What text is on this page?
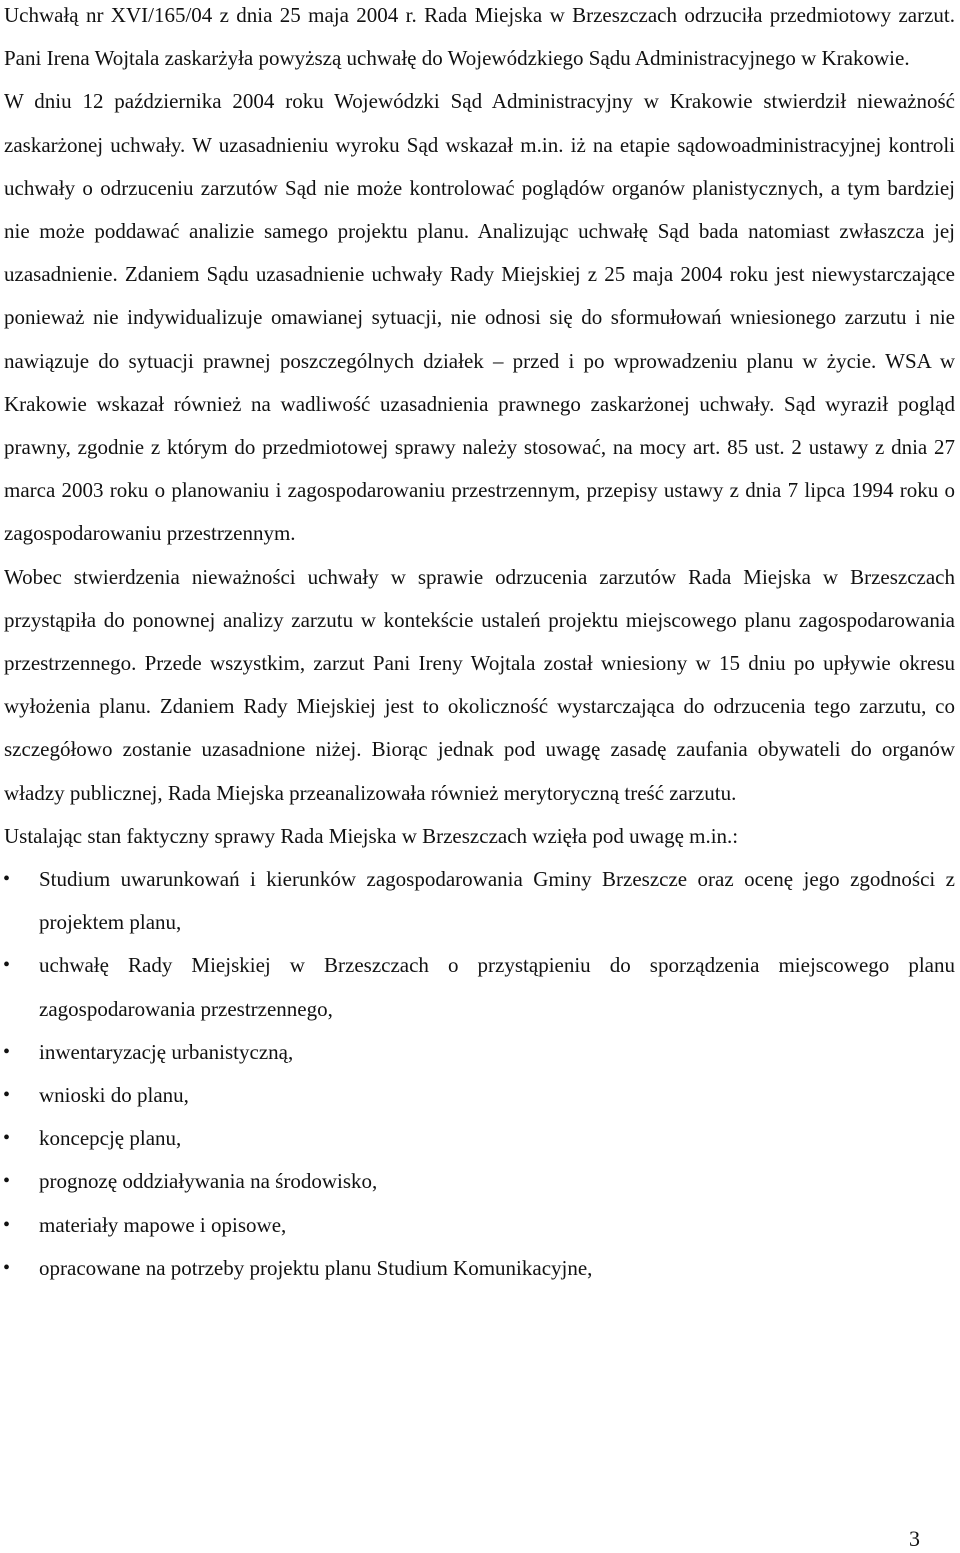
Uchwałą nr XVI/165/04 z dnia 25 maja 2004 r. Rada Miejska w Brzeszczach odrzuciła przedmiotowy zarzut. Pani Irena Wojtala zaskarżyła powyższą uchwałę do Wojewódzkiego Sądu Administracyjnego w Krakowie.

W dniu 12 października 2004 roku Wojewódzki Sąd Administracyjny w Krakowie stwierdził nieważność zaskarżonej uchwały. W uzasadnieniu wyroku Sąd wskazał m.in. iż na etapie sądowoadministracyjnej kontroli uchwały o odrzuceniu zarzutów Sąd nie może kontrolować poglądów organów planistycznych, a tym bardziej nie może poddawać analizie samego projektu planu. Analizując uchwałę Sąd bada natomiast zwłaszcza jej uzasadnienie. Zdaniem Sądu uzasadnienie uchwały Rady Miejskiej z 25 maja 2004 roku jest niewystarczające ponieważ nie indywidualizuje omawianej sytuacji, nie odnosi się do sformułowań wniesionego zarzutu i nie nawiązuje do sytuacji prawnej poszczególnych działek – przed i po wprowadzeniu planu w życie. WSA w Krakowie wskazał również na wadliwość uzasadnienia prawnego zaskarżonej uchwały. Sąd wyraził pogląd prawny, zgodnie z którym do przedmiotowej sprawy należy stosować, na mocy art. 85 ust. 2 ustawy z dnia 27 marca 2003 roku o planowaniu i zagospodarowaniu przestrzennym, przepisy ustawy z dnia 7 lipca 1994 roku o zagospodarowaniu przestrzennym.

Wobec stwierdzenia nieważności uchwały w sprawie odrzucenia zarzutów Rada Miejska w Brzeszczach przystąpiła do ponownej analizy zarzutu w kontekście ustaleń projektu miejscowego planu zagospodarowania przestrzennego. Przede wszystkim, zarzut Pani Ireny Wojtala został wniesiony w 15 dniu po upływie okresu wyłożenia planu. Zdaniem Rady Miejskiej jest to okoliczność wystarczająca do odrzucenia tego zarzutu, co szczegółowo zostanie uzasadnione niżej. Biorąc jednak pod uwagę zasadę zaufania obywateli do organów władzy publicznej, Rada Miejska przeanalizowała również merytoryczną treść zarzutu.

Ustalając stan faktyczny sprawy Rada Miejska w Brzeszczach wzięła pod uwagę m.in.:

•	Studium uwarunkowań i kierunków zagospodarowania Gminy Brzeszcze oraz ocenę jego zgodności z projektem planu,
•	uchwałę Rady Miejskiej w Brzeszczach o przystąpieniu do sporządzenia miejscowego planu zagospodarowania przestrzennego,
•	inwentaryzację urbanistyczną,
•	wnioski do planu,
•	koncepcję planu,
•	prognozę oddziaływania na środowisko,
•	materiały mapowe i opisowe,
•	opracowane na potrzeby projektu planu Studium Komunikacyjne,
3
